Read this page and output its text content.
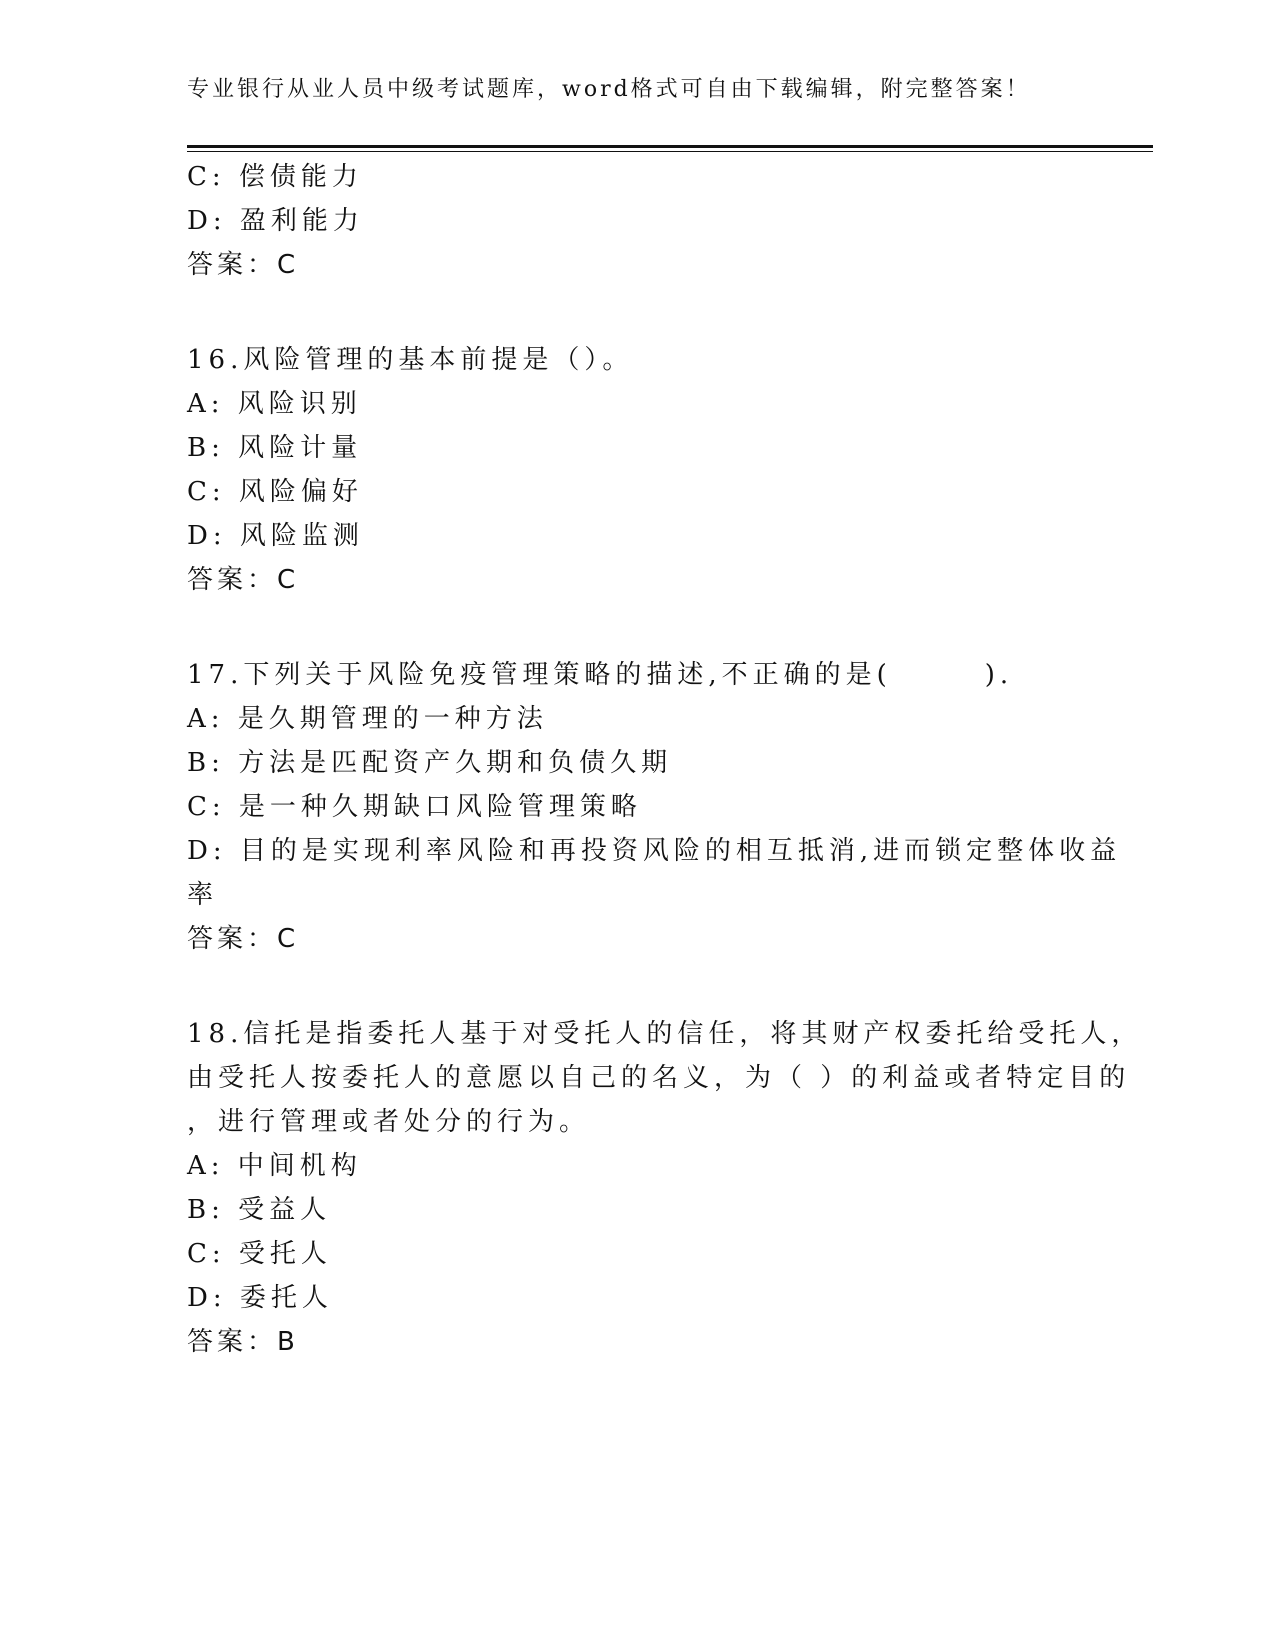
专业银行从业人员中级考试题库，word格式可自由下载编辑，附完整答案！
C: 偿债能力
D: 盈利能力
答案：C
16.风险管理的基本前提是（）。
A: 风险识别
B: 风险计量
C: 风险偏好
D: 风险监测
答案：C
17.下列关于风险免疫管理策略的描述,不正确的是(　　　).
A: 是久期管理的一种方法
B: 方法是匹配资产久期和负债久期
C: 是一种久期缺口风险管理策略
D: 目的是实现利率风险和再投资风险的相互抵消,进而锁定整体收益
率
答案：C
18.信托是指委托人基于对受托人的信任，将其财产权委托给受托人，
由受托人按委托人的意愿以自己的名义，为（ ）的利益或者特定目的
，进行管理或者处分的行为。
A: 中间机构
B: 受益人
C: 受托人
D: 委托人
答案：B
